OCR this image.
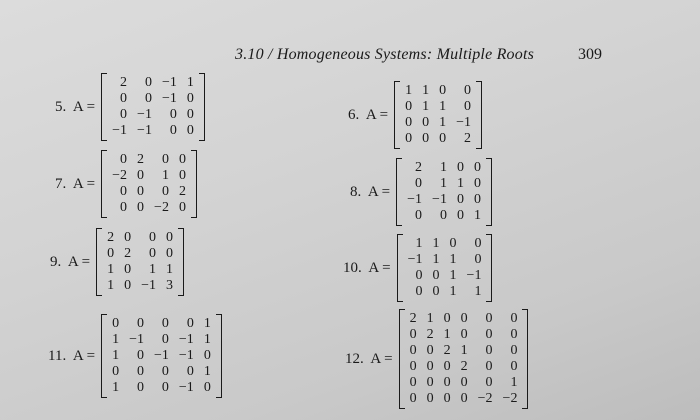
3.10 / Homogeneous Systems: Multiple Roots	309
5.  A =
2	0	−1	1
0	0	−1	0
0	−1	0	0
−1	−1	0	0
6.  A =
1	1	0	0
0	1	1	0
0	0	1	−1
0	0	0	2
7.  A =
0	2	0	0
−2	0	1	0
0	0	0	2
0	0	−2	0
8.  A =
2	1	0	0
0	1	1	0
−1	−1	0	0
0	0	0	1
9.  A =
2	0	0	0
0	2	0	0
1	0	1	1
1	0	−1	3
10.  A =
1	1	0	0
−1	1	1	0
0	0	1	−1
0	0	1	1
11.  A =
0	0	0	0	1
1	−1	0	−1	1
1	0	−1	−1	0
0	0	0	0	1
1	0	0	−1	0
12.  A =
2	1	0	0	0	0
0	2	1	0	0	0
0	0	2	1	0	0
0	0	0	2	0	0
0	0	0	0	0	1
0	0	0	0	−2	−2
